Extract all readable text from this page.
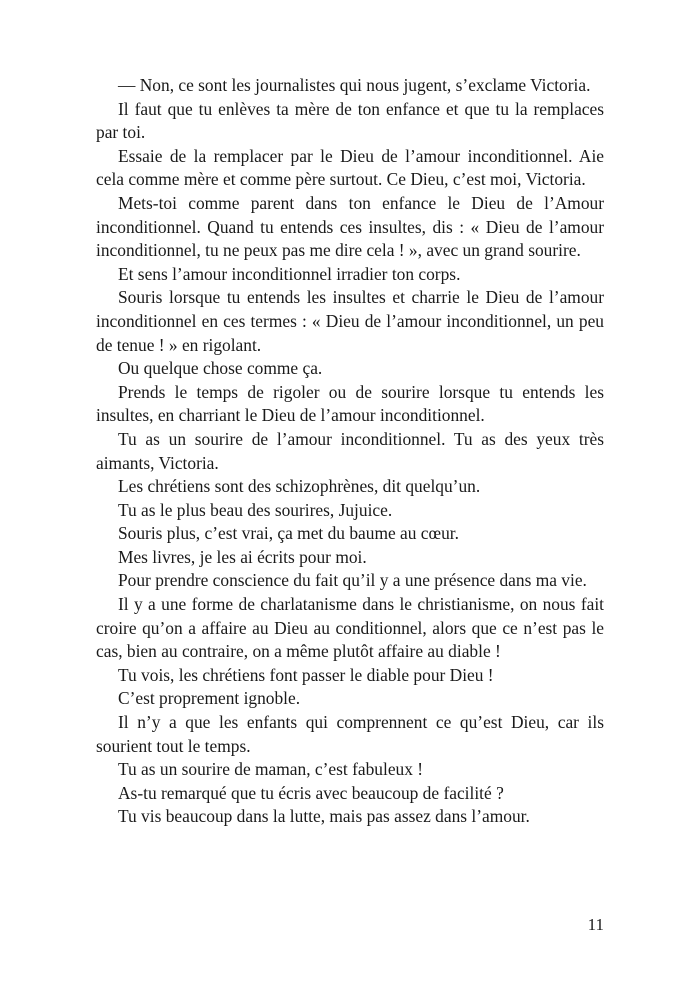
— Non, ce sont les journalistes qui nous jugent, s’exclame Victoria.

Il faut que tu enlèves ta mère de ton enfance et que tu la remplaces par toi.

Essaie de la remplacer par le Dieu de l’amour inconditionnel. Aie cela comme mère et comme père surtout. Ce Dieu, c’est moi, Victoria.

Mets-toi comme parent dans ton enfance le Dieu de l’Amour inconditionnel. Quand tu entends ces insultes, dis : « Dieu de l’amour inconditionnel, tu ne peux pas me dire cela ! », avec un grand sourire.

Et sens l’amour inconditionnel irradier ton corps.

Souris lorsque tu entends les insultes et charrie le Dieu de l’amour inconditionnel en ces termes : « Dieu de l’amour inconditionnel, un peu de tenue ! » en rigolant.

Ou quelque chose comme ça.

Prends le temps de rigoler ou de sourire lorsque tu entends les insultes, en charriant le Dieu de l’amour inconditionnel.

Tu as un sourire de l’amour inconditionnel. Tu as des yeux très aimants, Victoria.

Les chrétiens sont des schizophrènes, dit quelqu’un.

Tu as le plus beau des sourires, Jujuice.

Souris plus, c’est vrai, ça met du baume au cœur.

Mes livres, je les ai écrits pour moi.

Pour prendre conscience du fait qu’il y a une présence dans ma vie.

Il y a une forme de charlatanisme dans le christianisme, on nous fait croire qu’on a affaire au Dieu au conditionnel, alors que ce n’est pas le cas, bien au contraire, on a même plutôt affaire au diable !

Tu vois, les chrétiens font passer le diable pour Dieu !

C’est proprement ignoble.

Il n’y a que les enfants qui comprennent ce qu’est Dieu, car ils sourient tout le temps.

Tu as un sourire de maman, c’est fabuleux !

As-tu remarqué que tu écris avec beaucoup de facilité ?

Tu vis beaucoup dans la lutte, mais pas assez dans l’amour.

11
